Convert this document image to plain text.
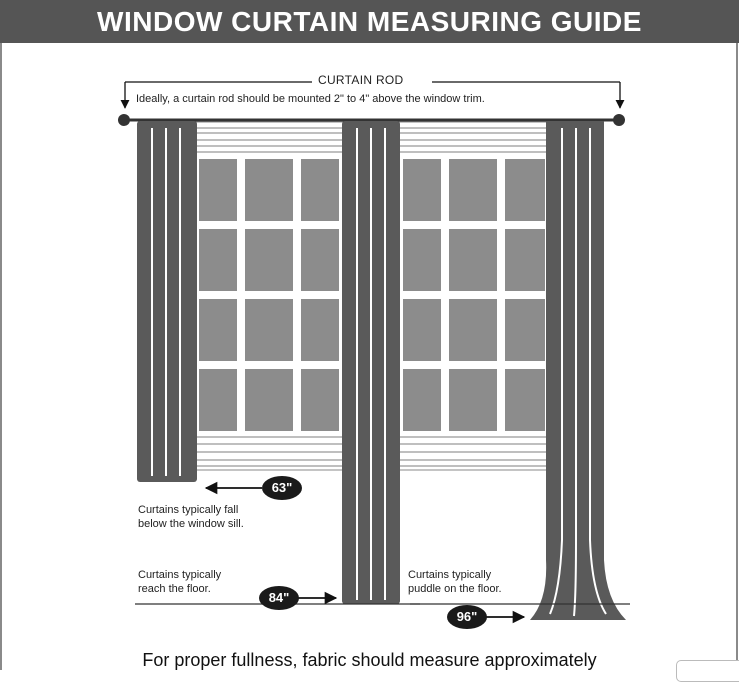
WINDOW CURTAIN MEASURING GUIDE
CURTAIN ROD
Ideally, a curtain rod should be mounted 2" to 4" above the window trim.
63"
Curtains typically fall
below the window sill.
Curtains typically
reach the floor.
84"
Curtains typically
puddle on the floor.
96"
For proper fullness, fabric should measure approximately
